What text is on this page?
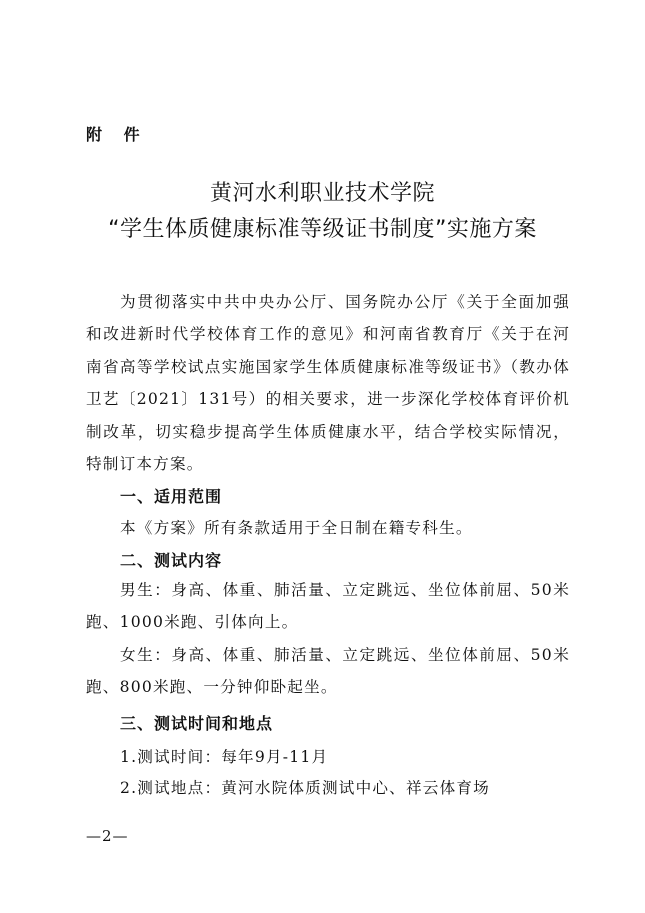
附 件
黄河水利职业技术学院
“学生体质健康标准等级证书制度”实施方案
为贯彻落实中共中央办公厅、国务院办公厅《关于全面加强和改进新时代学校体育工作的意见》和河南省教育厅《关于在河南省高等学校试点实施国家学生体质健康标准等级证书》（教办体卫艺〔2021〕131号）的相关要求，进一步深化学校体育评价机制改革，切实稳步提高学生体质健康水平，结合学校实际情况，特制订本方案。
一、适用范围
本《方案》所有条款适用于全日制在籍专科生。
二、测试内容
男生：身高、体重、肺活量、立定跳远、坐位体前屈、50米跑、1000米跑、引体向上。
女生：身高、体重、肺活量、立定跳远、坐位体前屈、50米跑、800米跑、一分钟仰卧起坐。
三、测试时间和地点
1.测试时间：每年9月-11月
2.测试地点：黄河水院体质测试中心、祥云体育场
—2—
